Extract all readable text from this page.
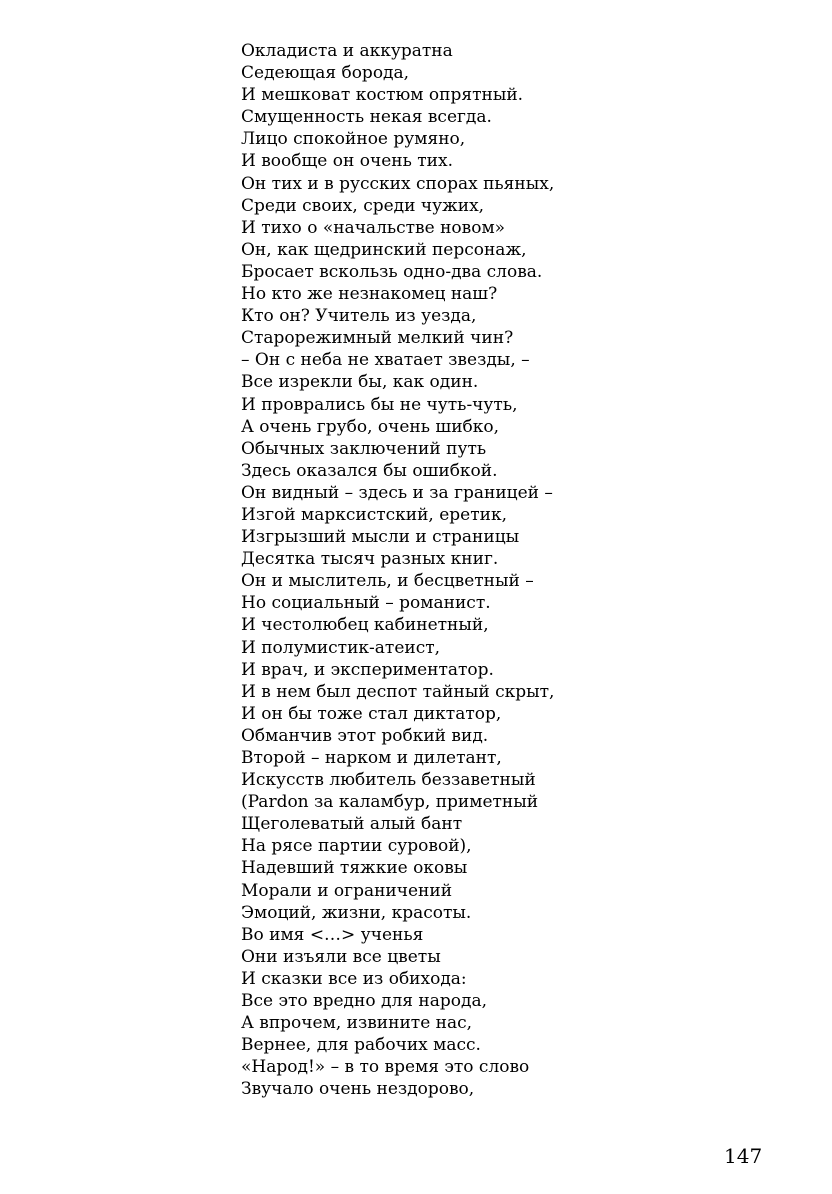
Окладиста и аккуратна
Седеющая борода,
И мешковат костюм опрятный.
Смущенность некая всегда.
Лицо спокойное румяно,
И вообще он очень тих.
Он тих и в русских спорах пьяных,
Среди своих, среди чужих,
И тихо о «начальстве новом»
Он, как щедринский персонаж,
Бросает вскользь одно-два слова.
Но кто же незнакомец наш?
Кто он? Учитель из уезда,
Старорежимный мелкий чин?
– Он с неба не хватает звезды, –
Все изрекли бы, как один.
И проврались бы не чуть-чуть,
А очень грубо, очень шибко,
Обычных заключений путь
Здесь оказался бы ошибкой.
Он видный – здесь и за границей –
Изгой марксистский, еретик,
Изгрызший мысли и страницы
Десятка тысяч разных книг.
Он и мыслитель, и бесцветный –
Но социальный – романист.
И честолюбец кабинетный,
И полумистик-атеист,
И врач, и экспериментатор.
И в нем был деспот тайный скрыт,
И он бы тоже стал диктатор,
Обманчив этот робкий вид.
Второй – нарком и дилетант,
Искусств любитель беззаветный
(Pardon за каламбур, приметный
Щеголеватый алый бант
На рясе партии суровой),
Надевший тяжкие оковы
Морали и ограничений
Эмоций, жизни, красоты.
Во имя <…> ученья
Они изъяли все цветы
И сказки все из обихода:
Все это вредно для народа,
А впрочем, извините нас,
Вернее, для рабочих масс.
«Народ!» – в то время это слово
Звучало очень нездорово,
147
